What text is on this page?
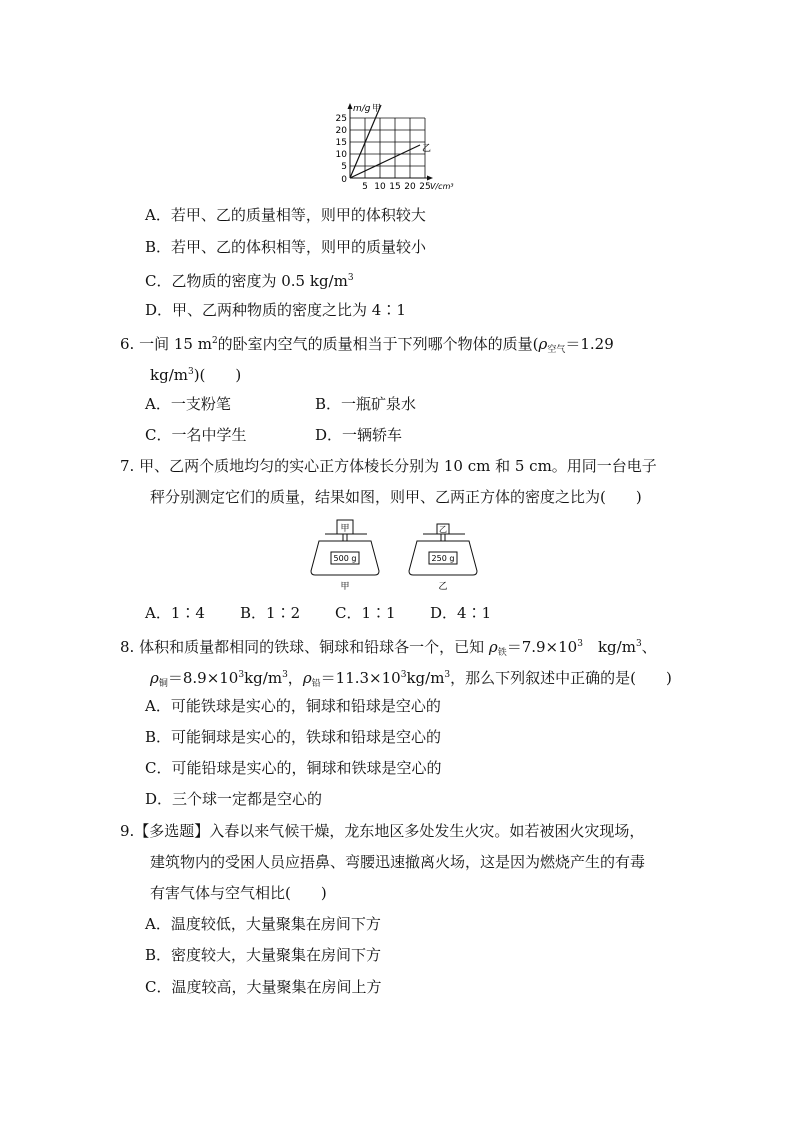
m/g 甲
乙
25
20
15
10
5
0
5 10 15 20 25 V/cm³
A．若甲、乙的质量相等，则甲的体积较大
B．若甲、乙的体积相等，则甲的质量较小
C．乙物质的密度为 0.5 $kg/m^3$
D．甲、乙两种物质的密度之比为 4∶1
6. 一间 15 $m^2$的卧室内空气的质量相当于下列哪个物体的质量($\rho_{空气}=1.29$
$kg/m^3$)(　　)
A．一支粉笔	B．一瓶矿泉水
C．一名中学生	D．一辆轿车
7. 甲、乙两个质地均匀的实心正方体棱长分别为 10 cm 和 5 cm。用同一台电子
秤分别测定它们的质量，结果如图，则甲、乙两正方体的密度之比为(　　)
甲	乙
500 g	250 g
甲	乙
A．1∶4 B．1∶2 C．1∶1 D．4∶1
8. 体积和质量都相同的铁球、铜球和铅球各一个，已知 $\rho_铁=7.9\times 10^3$　$kg/m^3$、
$\rho_铜=8.9\times 10^3kg/m^3$，$\rho_铅=11.3\times 10^3kg/m^3$，那么下列叙述中正确的是(　　)
A．可能铁球是实心的，铜球和铅球是空心的
B．可能铜球是实心的，铁球和铅球是空心的
C．可能铅球是实心的，铜球和铁球是空心的
D．三个球一定都是空心的
9.【多选题】入春以来气候干燥，龙东地区多处发生火灾。如若被困火灾现场，
建筑物内的受困人员应捂鼻、弯腰迅速撤离火场，这是因为燃烧产生的有毒
有害气体与空气相比(　　)
A．温度较低，大量聚集在房间下方
B．密度较大，大量聚集在房间下方
C．温度较高，大量聚集在房间上方
